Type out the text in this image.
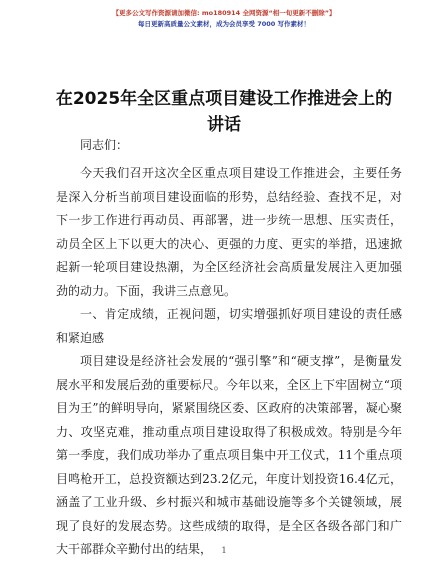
【更多公文写作资源请加微信: mo180914 全网资源“相一旬更新不删除”】
每日更新高质量公文素材，成为会员享受 7000 写作素材！
在2025年全区重点项目建设工作推进会上的讲话
同志们：

今天我们召开这次全区重点项目建设工作推进会，主要任务是深入分析当前项目建设面临的形势，总结经验、查找不足，对下一步工作进行再动员、再部署，进一步统一思想、压实责任，动员全区上下以更大的决心、更强的力度、更实的举措，迅速掀起新一轮项目建设热潮，为全区经济社会高质量发展注入更加强劲的动力。下面，我讲三点意见。

一、肯定成绩，正视问题，切实增强抓好项目建设的责任感和紧迫感

项目建设是经济社会发展的“强引擎”和“硬支撑”，是衡量发展水平和发展后劲的重要标尺。今年以来，全区上下牢固树立“项目为王”的鲜明导向，紧紧围绕区委、区政府的决策部署，凝心聚力、攻坚克难，推动重点项目建设取得了积极成效。特别是今年第一季度，我们成功举办了重点项目集中开工仪式，11个重点项目鸣枪开工，总投资额达到23.2亿元，年度计划投资16.4亿元，涵盖了工业升级、乡村振兴和城市基础设施等多个关键领域，展现了良好的发展态势。这些成绩的取得，是全区各级各部门和广大干部群众辛勤付出的结果，	1
